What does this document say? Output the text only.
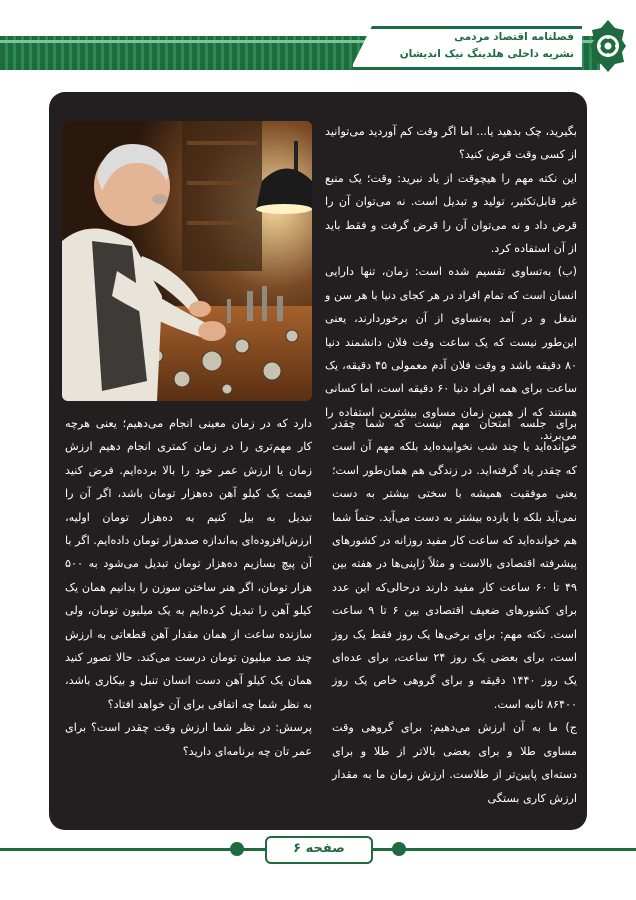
فصلنامه اقتصاد مردمی
نشریه داخلی هلدینگ نیک اندیشان

بگیرید، چک بدهید یا... اما اگر وقت کم آوردید می‌توانید از کسی وقت قرض کنید؟

این نکته مهم را هیچوقت از یاد نبرید: وقت؛ یک منبع غیر قابل‌تکثیر، تولید و تبدیل است. نه می‌توان آن را قرض داد و نه می‌توان آن را قرض گرفت و فقط باید از آن استفاده کرد.

(ب) به‌تساوی تقسیم شده است: زمان، تنها دارایی انسان است که تمام افراد در هر کجای دنیا با هر سن و شغل و در آمد به‌تساوی از آن برخوردارند، یعنی این‌طور نیست که یک ساعت وقت فلان دانشمند دنیا ۸۰ دقیقه باشد و وقت فلان آدم معمولی ۴۵ دقیقه، یک ساعت برای همه افراد دنیا ۶۰ دقیقه است، اما کسانی هستند که از همین زمان مساوی بیشترین استفاده را می‌برند.

برای جلسه امتحان مهم نیست که شما چقدر خوانده‌اید یا چند شب نخوابیده‌اید بلکه مهم آن است که چقدر یاد گرفته‌اید. در زندگی هم همان‌طور است؛ یعنی موفقیت همیشه با سختی بیشتر به دست نمی‌آید بلکه با بازده بیشتر به دست می‌آید. حتماً شما هم خوانده‌اید که ساعت کار مفید روزانه در کشورهای پیشرفته اقتصادی بالاست و مثلاً ژاپنی‌ها در هفته بین ۴۹ تا ۶۰ ساعت کار مفید دارند درحالی‌که این عدد برای کشورهای ضعیف اقتصادی بین ۶ تا ۹ ساعت است. نکته مهم: برای برخی‌ها یک روز فقط یک روز است، برای بعضی یک روز ۲۴ ساعت، برای عده‌ای یک روز ۱۴۴۰ دقیقه و برای گروهی خاص یک روز ۸۶۴۰۰ ثانیه است.

ج) ما به آن ارزش می‌دهیم: برای گروهی وقت مساوی طلا و برای بعضی بالاتر از طلا و برای دسته‌ای پایین‌تر از طلاست. ارزش زمان ما به مقدار ارزش کاری بستگی

دارد که در زمان معینی انجام می‌دهیم؛ یعنی هرچه کار مهم‌تری را در زمان کمتری انجام دهیم ارزش زمان یا ارزش عمر خود را بالا برده‌ایم. فرض کنید قیمت یک کیلو آهن ده‌هزار تومان باشد، اگر آن را تبدیل به بیل کنیم به ده‌هزار تومان اولیه، ارزش‌افزوده‌ای به‌اندازه صدهزار تومان داده‌ایم. اگر با آن پیچ بسازیم ده‌هزار تومان تبدیل می‌شود به ۵۰۰ هزار تومان، اگر هنر ساختن سوزن را بدانیم همان یک کیلو آهن را تبدیل کرده‌ایم به یک میلیون تومان، ولی سازنده ساعت از همان مقدار آهن قطعاتی به ارزش چند صد میلیون تومان درست می‌کند. حالا تصور کنید همان یک کیلو آهن دست انسان تنبل و بیکاری باشد، به نظر شما چه اتفاقی برای آن خواهد افتاد؟

پرسش: در نظر شما ارزش وقت چقدر است؟ برای عمر تان چه برنامه‌ای دارید؟

صفحه ۶
